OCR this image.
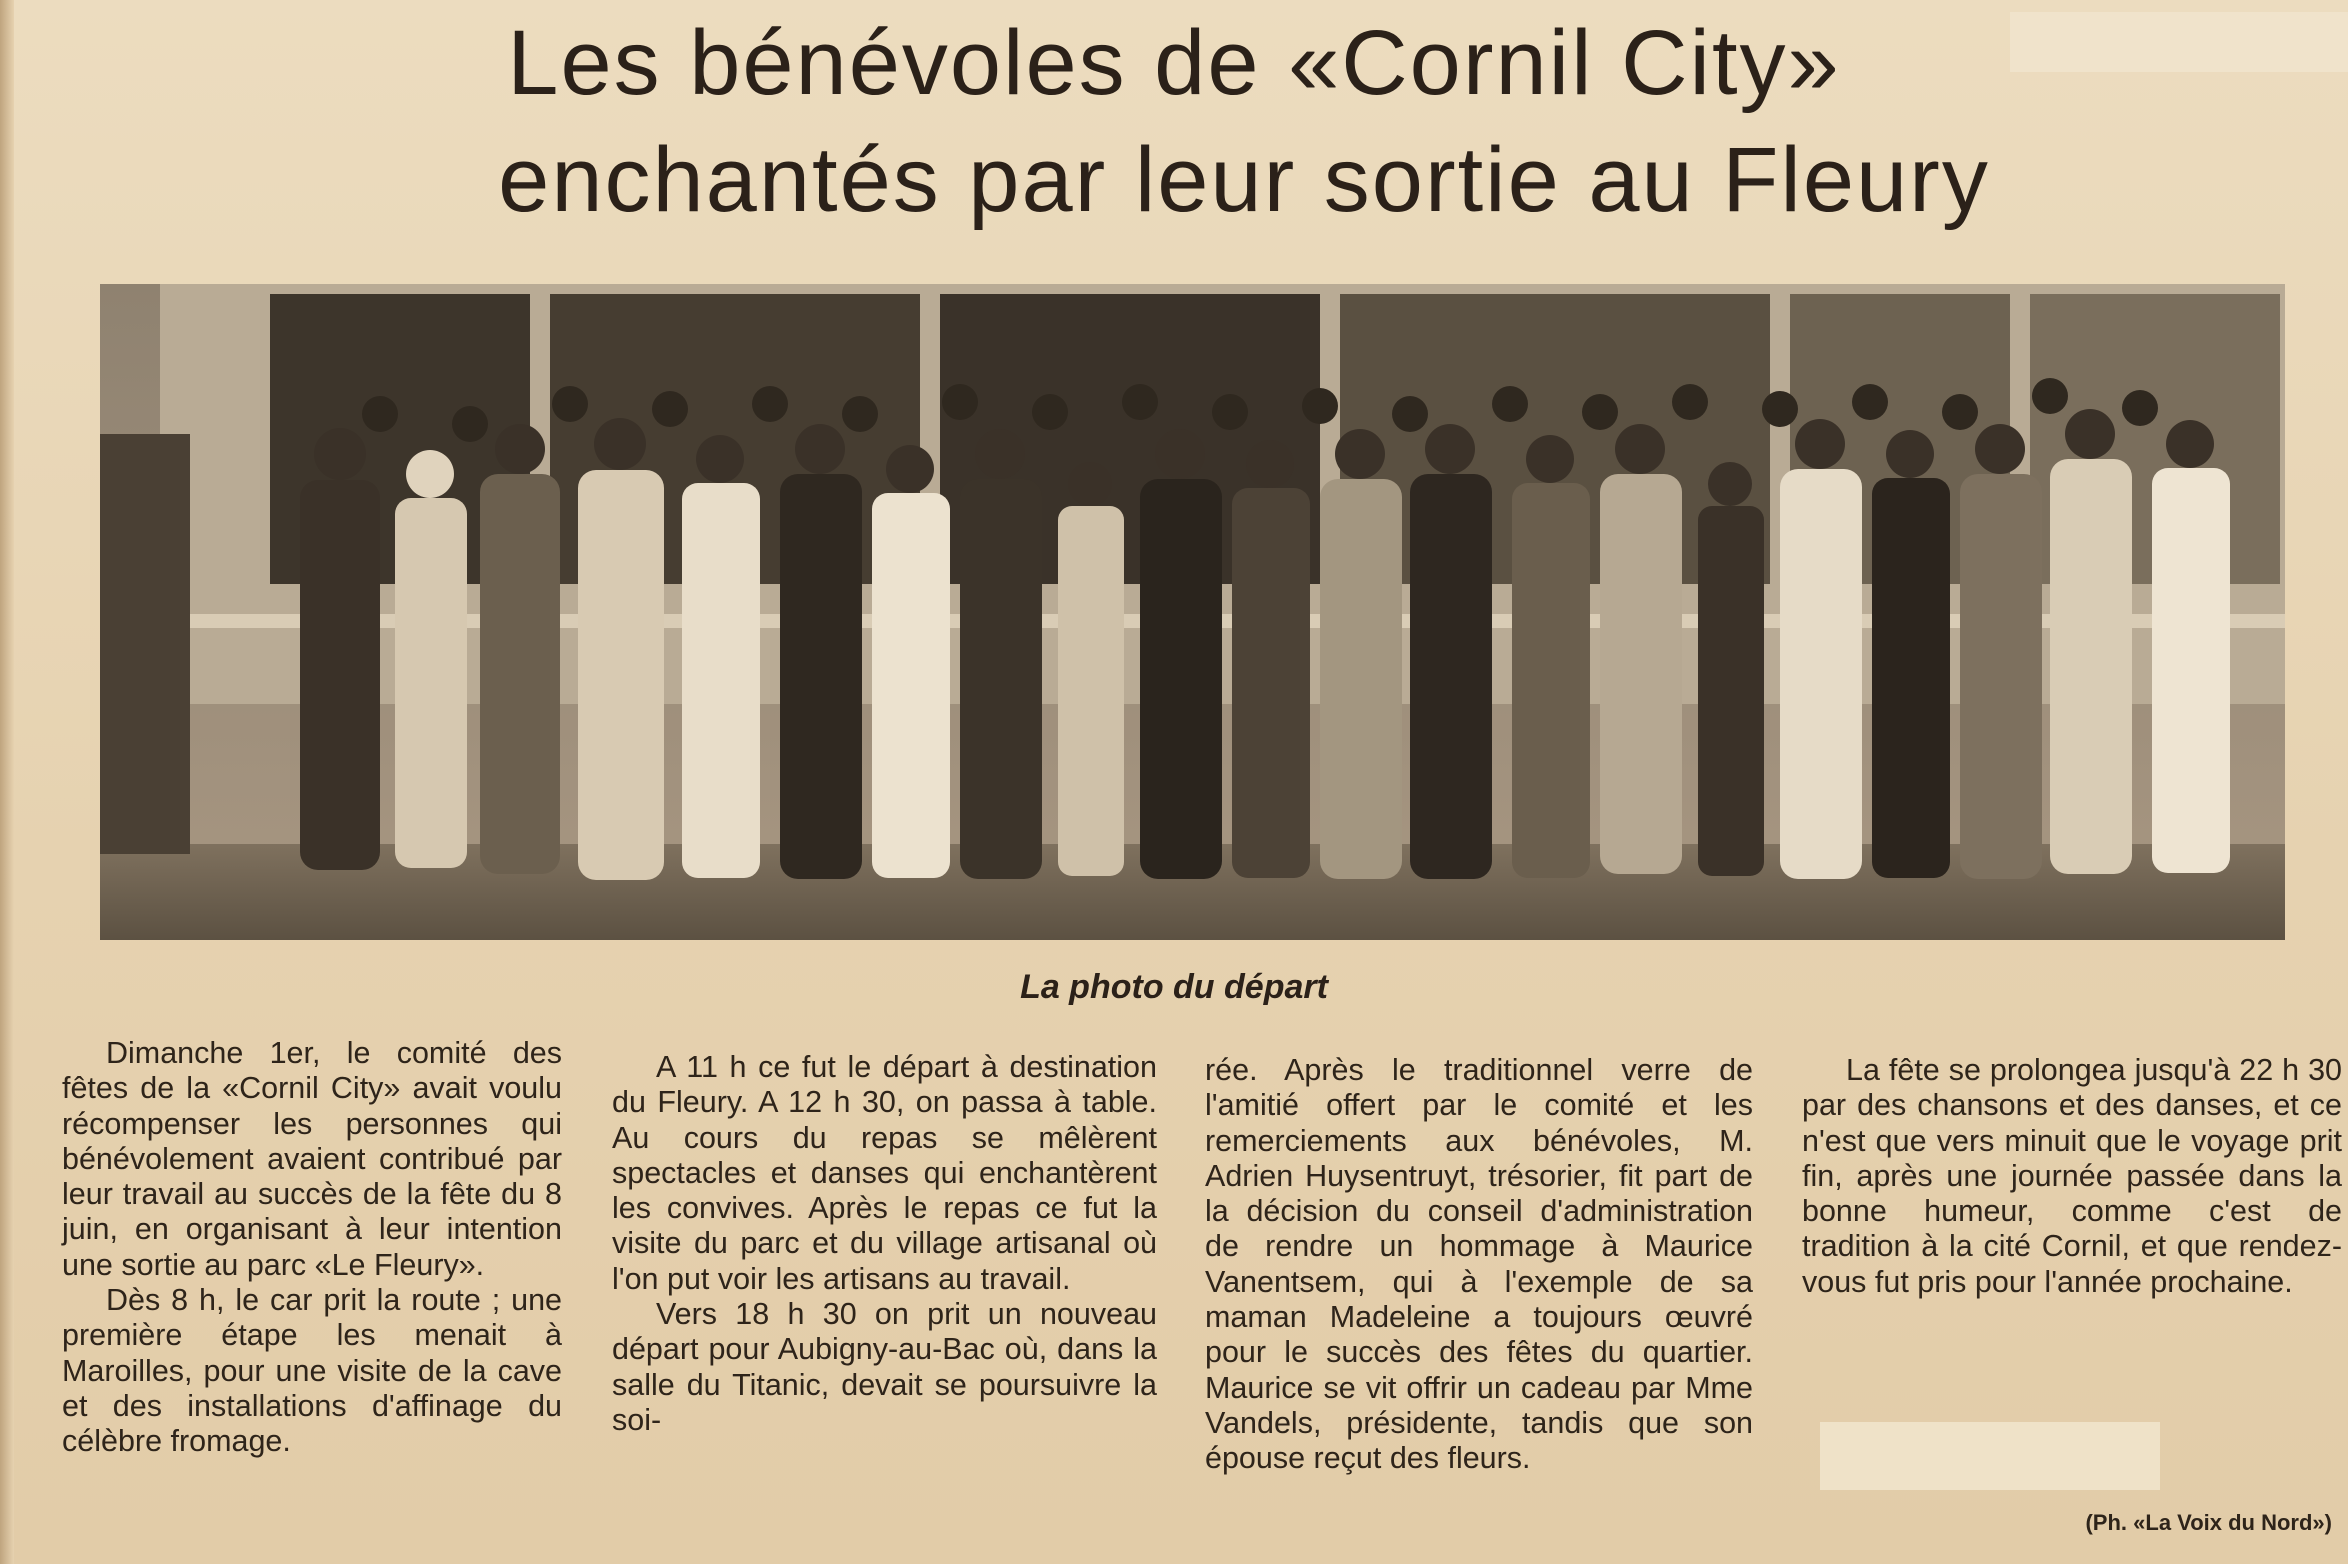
Les bénévoles de «Cornil City»
enchantés par leur sortie au Fleury
La photo du départ

Dimanche 1er, le comité des fêtes de la «Cornil City» avait voulu récompenser les personnes qui bénévolement avaient contribué par leur travail au succès de la fête du 8 juin, en organisant à leur intention une sortie au parc «Le Fleury».

Dès 8 h, le car prit la route ; une première étape les menait à Maroilles, pour une visite de la cave et des installations d'affinage du célèbre fromage.

A 11 h ce fut le départ à destination du Fleury. A 12 h 30, on passa à table. Au cours du repas se mêlèrent spectacles et danses qui enchantèrent les convives. Après le repas ce fut la visite du parc et du village artisanal où l'on put voir les artisans au travail.

Vers 18 h 30 on prit un nouveau départ pour Aubigny-au-Bac où, dans la salle du Titanic, devait se poursuivre la soi-

rée. Après le traditionnel verre de l'amitié offert par le comité et les remerciements aux bénévoles, M. Adrien Huysentruyt, trésorier, fit part de la décision du conseil d'administration de rendre un hommage à Maurice Vanentsem, qui à l'exemple de sa maman Madeleine a toujours œuvré pour le succès des fêtes du quartier. Maurice se vit offrir un cadeau par Mme Vandels, présidente, tandis que son épouse reçut des fleurs.

La fête se prolongea jusqu'à 22 h 30 par des chansons et des danses, et ce n'est que vers minuit que le voyage prit fin, après une journée passée dans la bonne humeur, comme c'est de tradition à la cité Cornil, et que rendez-vous fut pris pour l'année prochaine.

(Ph. «La Voix du Nord»)
